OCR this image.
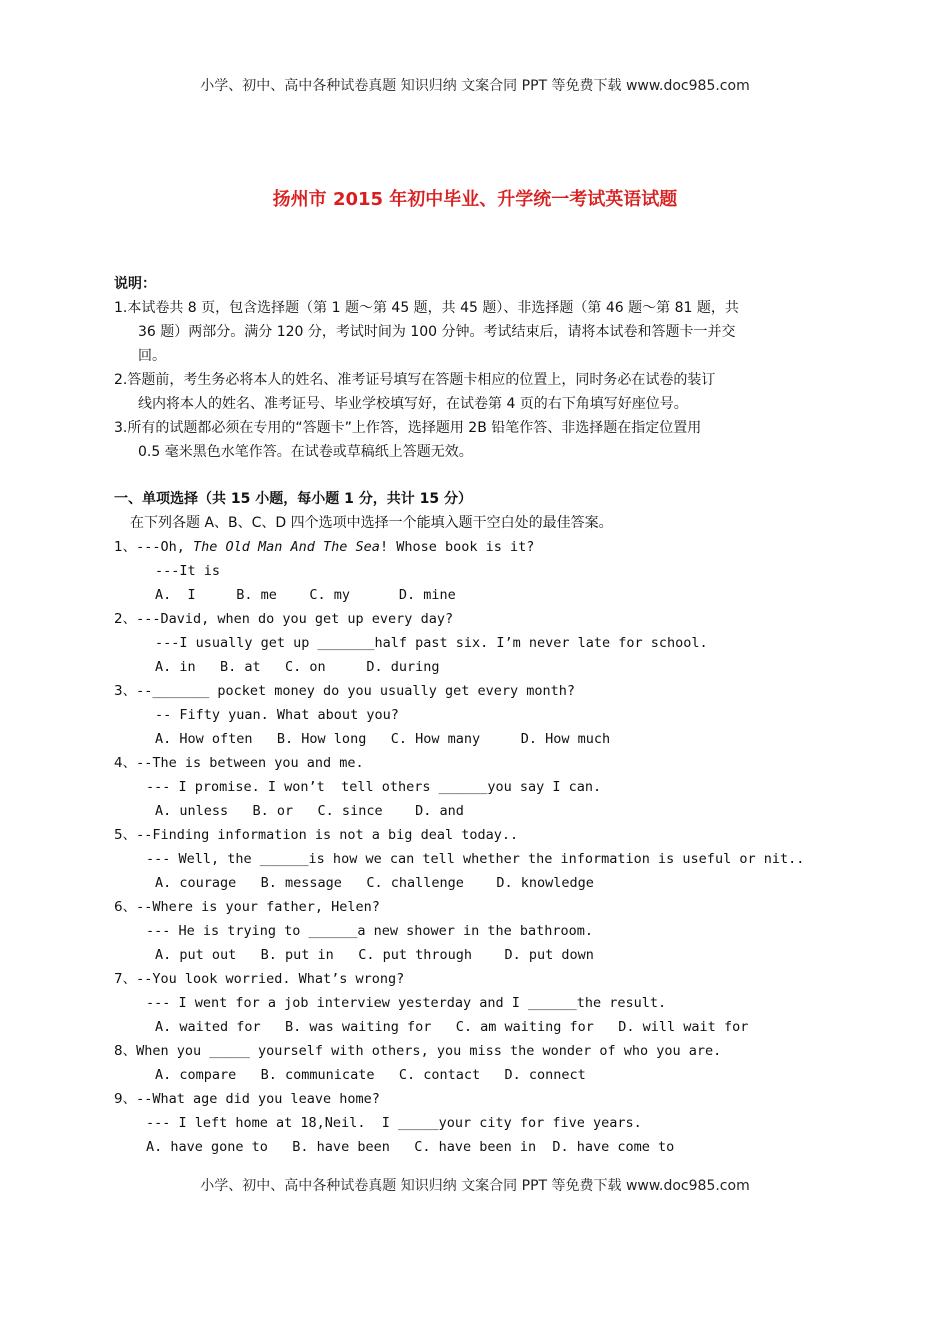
小学、初中、高中各种试卷真题 知识归纳 文案合同 PPT 等免费下载 www.doc985.com
扬州市 2015 年初中毕业、升学统一考试英语试题
说明：
1.本试卷共 8 页，包含选择题（第 1 题～第 45 题，共 45 题）、非选择题（第 46 题～第 81 题，共
36 题）两部分。满分 120 分，考试时间为 100 分钟。考试结束后，请将本试卷和答题卡一并交
回。
2.答题前，考生务必将本人的姓名、准考证号填写在答题卡相应的位置上，同时务必在试卷的装订
线内将本人的姓名、准考证号、毕业学校填写好，在试卷第 4 页的右下角填写好座位号。
3.所有的试题都必须在专用的“答题卡”上作答，选择题用 2B 铅笔作答、非选择题在指定位置用
0.5 毫米黑色水笔作答。在试卷或草稿纸上答题无效。
一、单项选择（共 15 小题，每小题 1 分，共计 15 分）
在下列各题 A、B、C、D 四个选项中选择一个能填入题干空白处的最佳答案。
1、---Oh, The Old Man And The Sea! Whose book is it?
---It is
A.  I     B. me    C. my      D. mine
2、---David, when do you get up every day?
---I usually get up _______half past six. I’m never late for school.
A. in   B. at   C. on     D. during
3、--_______ pocket money do you usually get every month?
-- Fifty yuan. What about you?
A. How often   B. How long   C. How many     D. How much
4、--The is between you and me.
--- I promise. I won’t  tell others ______you say I can.
A. unless   B. or   C. since    D. and
5、--Finding information is not a big deal today..
--- Well, the ______is how we can tell whether the information is useful or nit..
A. courage   B. message   C. challenge    D. knowledge
6、--Where is your father, Helen?
--- He is trying to ______a new shower in the bathroom.
A. put out   B. put in   C. put through    D. put down
7、--You look worried. What’s wrong?
--- I went for a job interview yesterday and I ______the result.
A. waited for   B. was waiting for   C. am waiting for   D. will wait for
8、When you _____ yourself with others, you miss the wonder of who you are.
A. compare   B. communicate   C. contact   D. connect
9、--What age did you leave home?
--- I left home at 18,Neil.  I _____your city for five years.
A. have gone to   B. have been   C. have been in  D. have come to
小学、初中、高中各种试卷真题 知识归纳 文案合同 PPT 等免费下载 www.doc985.com
